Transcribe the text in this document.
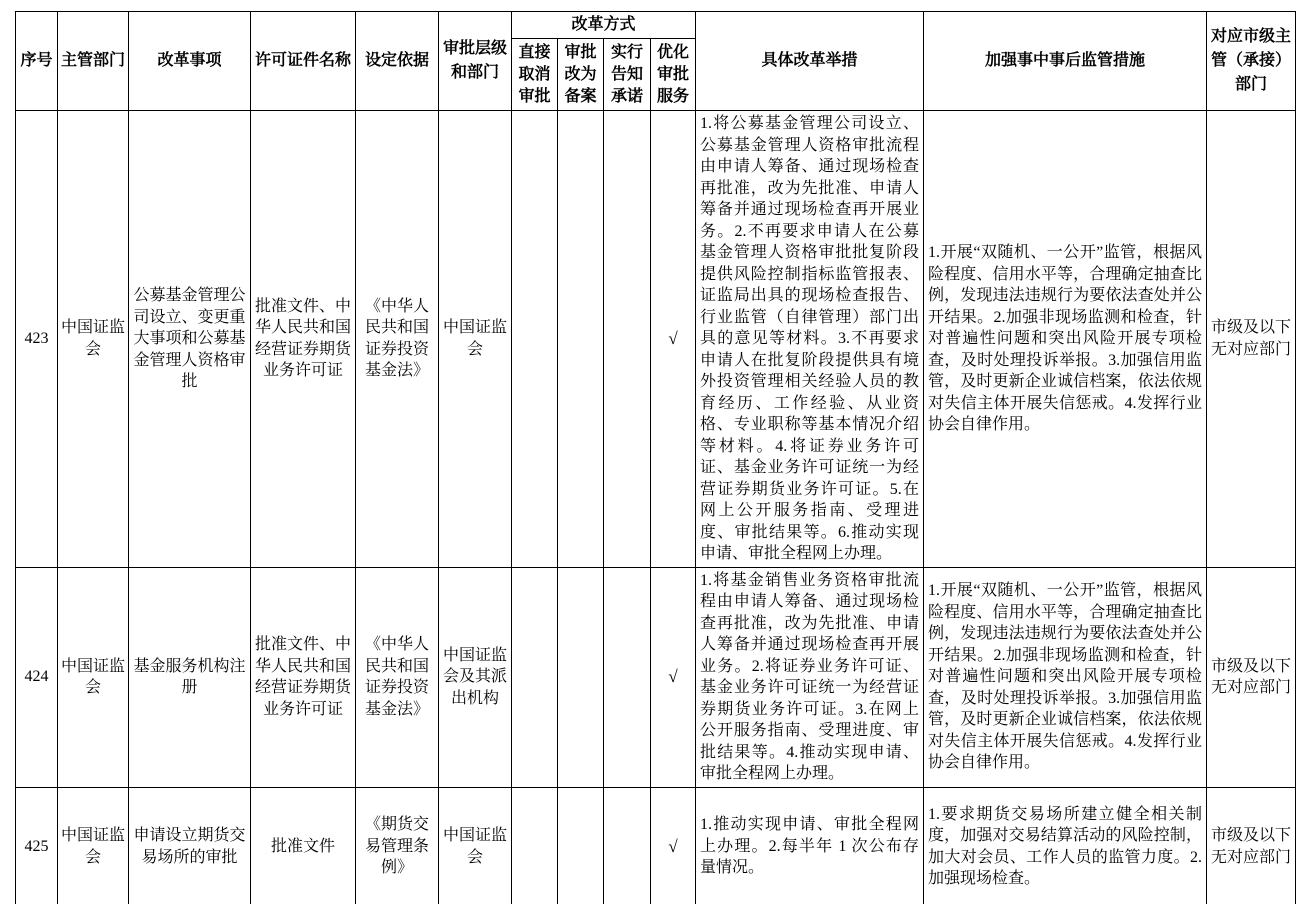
序号	主管部门	改革事项	许可证件名称	设定依据	审批层级和部门	改革方式				具体改革举措	加强事中事后监管措施	对应市级主管（承接）部门
						直接取消审批	审批改为备案	实行告知承诺	优化审批服务			
423	中国证监会	公募基金管理公司设立、变更重大事项和公募基金管理人资格审批	批准文件、中华人民共和国经营证券期货业务许可证	《中华人民共和国证券投资基金法》	中国证监会				√	1.将公募基金管理公司设立、公募基金管理人资格审批流程由申请人筹备、通过现场检查再批准，改为先批准、申请人筹备并通过现场检查再开展业务。2.不再要求申请人在公募基金管理人资格审批批复阶段提供风险控制指标监管报表、证监局出具的现场检查报告、行业监管（自律管理）部门出具的意见等材料。3.不再要求申请人在批复阶段提供具有境外投资管理相关经验人员的教育经历、工作经验、从业资格、专业职称等基本情况介绍等材料。4.将证券业务许可证、基金业务许可证统一为经营证券期货业务许可证。5.在网上公开服务指南、受理进度、审批结果等。6.推动实现申请、审批全程网上办理。	1.开展“双随机、一公开”监管，根据风险程度、信用水平等，合理确定抽查比例，发现违法违规行为要依法查处并公开结果。2.加强非现场监测和检查，针对普遍性问题和突出风险开展专项检查，及时处理投诉举报。3.加强信用监管，及时更新企业诚信档案，依法依规对失信主体开展失信惩戒。4.发挥行业协会自律作用。	市级及以下无对应部门
424	中国证监会	基金服务机构注册	批准文件、中华人民共和国经营证券期货业务许可证	《中华人民共和国证券投资基金法》	中国证监会及其派出机构				√	1.将基金销售业务资格审批流程由申请人筹备、通过现场检查再批准，改为先批准、申请人筹备并通过现场检查再开展业务。2.将证券业务许可证、基金业务许可证统一为经营证券期货业务许可证。3.在网上公开服务指南、受理进度、审批结果等。4.推动实现申请、审批全程网上办理。	1.开展“双随机、一公开”监管，根据风险程度、信用水平等，合理确定抽查比例，发现违法违规行为要依法查处并公开结果。2.加强非现场监测和检查，针对普遍性问题和突出风险开展专项检查，及时处理投诉举报。3.加强信用监管，及时更新企业诚信档案，依法依规对失信主体开展失信惩戒。4.发挥行业协会自律作用。	市级及以下无对应部门
425	中国证监会	申请设立期货交易场所的审批	批准文件	《期货交易管理条例》	中国证监会				√	1.推动实现申请、审批全程网上办理。2.每半年 1 次公布存量情况。	1.要求期货交易场所建立健全相关制度，加强对交易结算活动的风险控制，加大对会员、工作人员的监管力度。2.加强现场检查。	市级及以下无对应部门
